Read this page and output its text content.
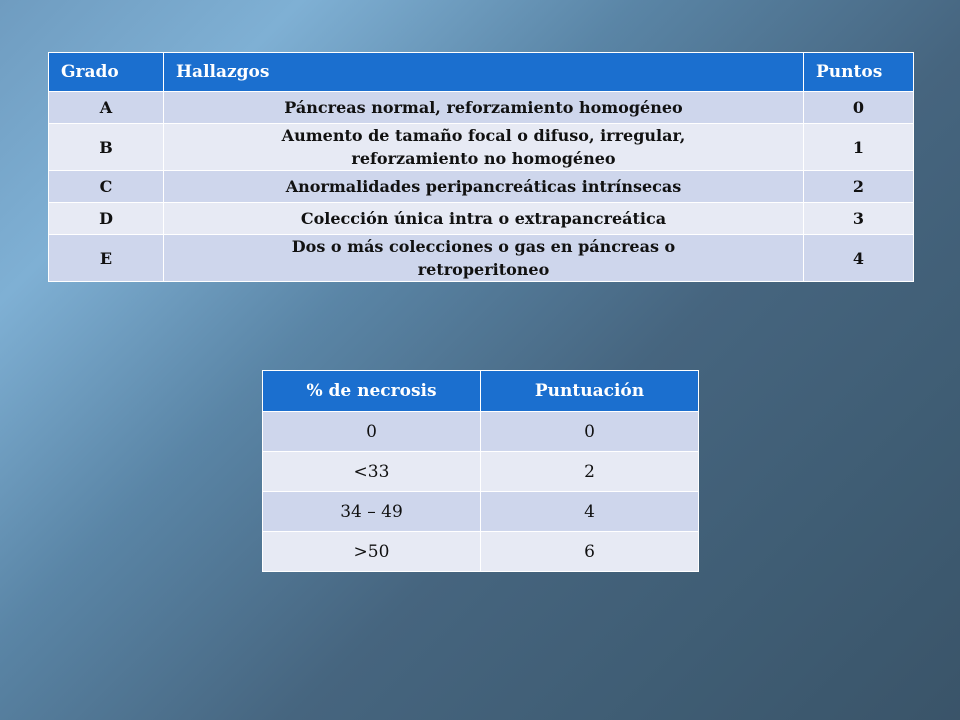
Grado	Hallazgos	Puntos
A	Páncreas normal, reforzamiento homogéneo	0
B	Aumento de tamaño focal o difuso, irregular, reforzamiento no homogéneo	1
C	Anormalidades peripancreáticas intrínsecas	2
D	Colección única intra o extrapancreática	3
E	Dos o más colecciones o gas en páncreas o retroperitoneo	4
% de necrosis	Puntuación
0	0
<33	2
34 – 49	4
>50	6
